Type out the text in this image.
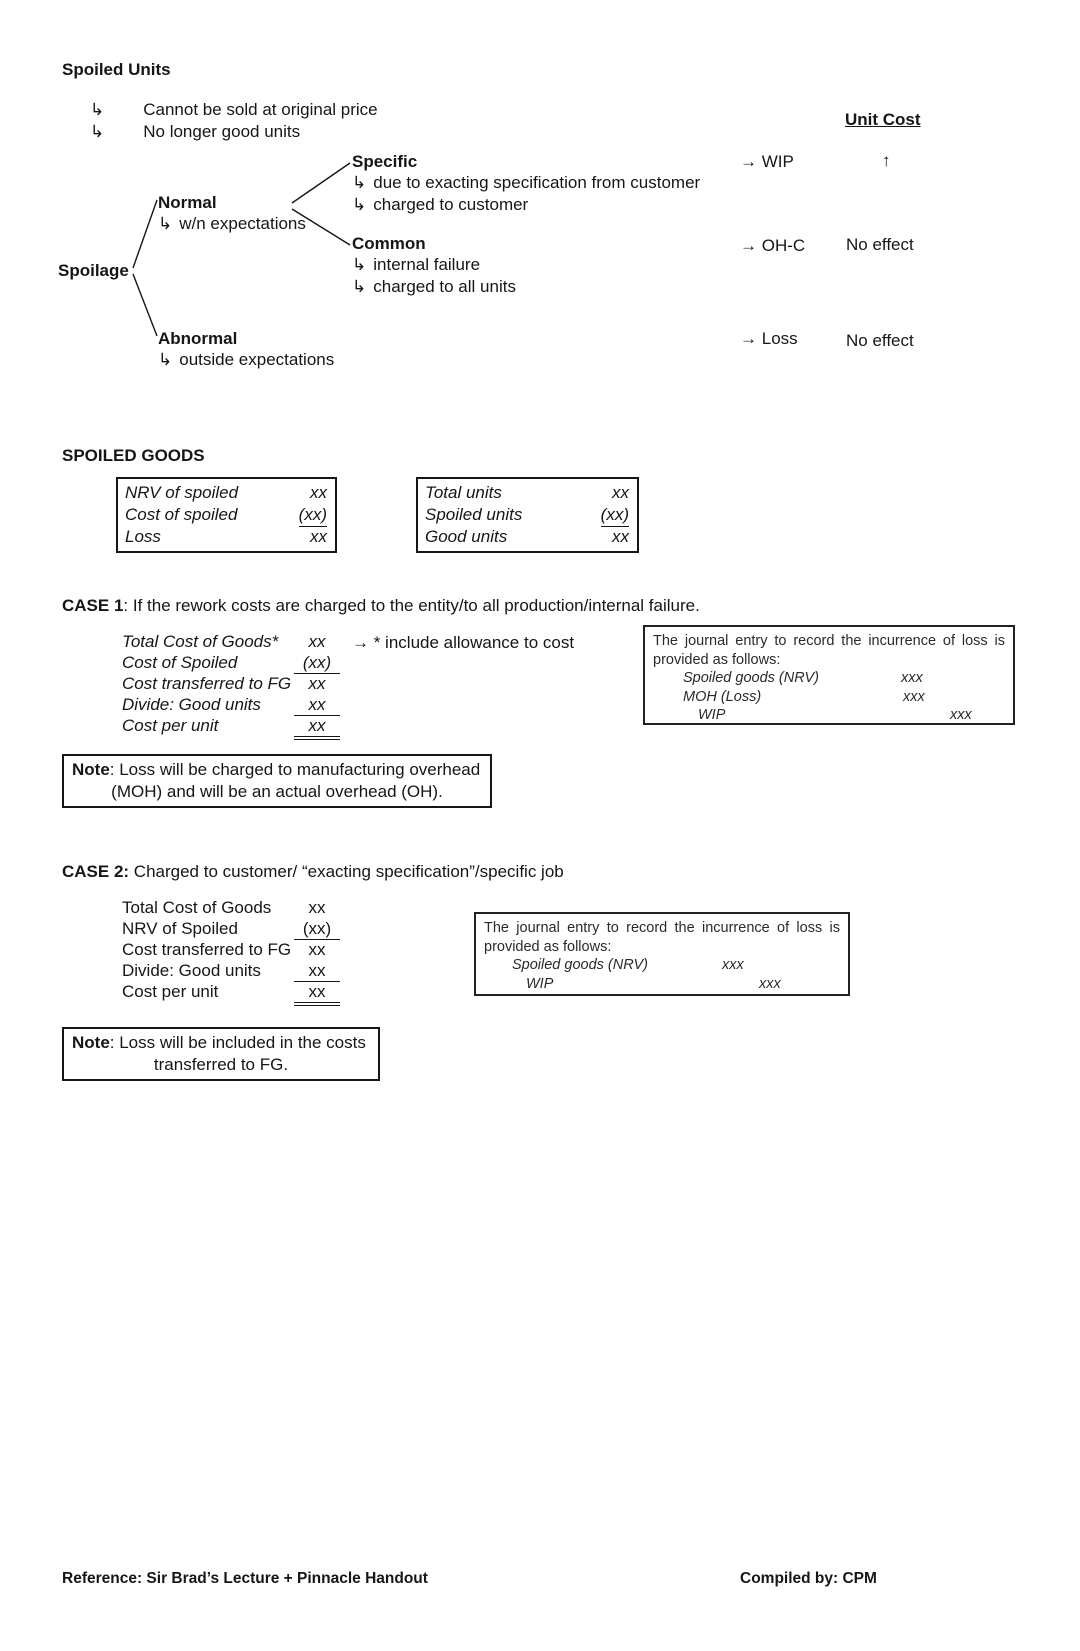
Spoiled Units
↳ Cannot be sold at original price
↳ No longer good units
Unit Cost
Spoilage
Normal
↳ w/n expectations
Abnormal
↳ outside expectations
Specific
↳ due to exacting specification from customer
↳ charged to customer
Common
↳ internal failure
↳ charged to all units
→ WIP	↑
→ OH-C No effect
→ Loss	No effect
SPOILED GOODS
NRV of spoiled	xx
Cost of spoiled	(xx)
Loss	xx
Total units	xx
Spoiled units	(xx)
Good units	xx
CASE 1: If the rework costs are charged to the entity/to all production/internal failure.
Total Cost of Goods*	xx
Cost of Spoiled	(xx)
Cost transferred to FG	xx
Divide: Good units	xx
Cost per unit	xx
→ * include allowance to cost	The journal entry to record the incurrence of loss is provided as follows:
Spoiled goods (NRV)	xxx
MOH (Loss)	xxx
WIP	xxx
Note: Loss will be charged to manufacturing overhead
(MOH) and will be an actual overhead (OH).
CASE 2: Charged to customer/ “exacting specification”/specific job
Total Cost of Goods	xx
NRV of Spoiled	(xx)
Cost transferred to FG	xx
Divide: Good units	xx
Cost per unit	xx
The journal entry to record the incurrence of loss is provided as follows:
Spoiled goods (NRV)	xxx
WIP	xxx
Note: Loss will be included in the costs
transferred to FG.
Reference: Sir Brad’s Lecture + Pinnacle Handout	Compiled by: CPM
